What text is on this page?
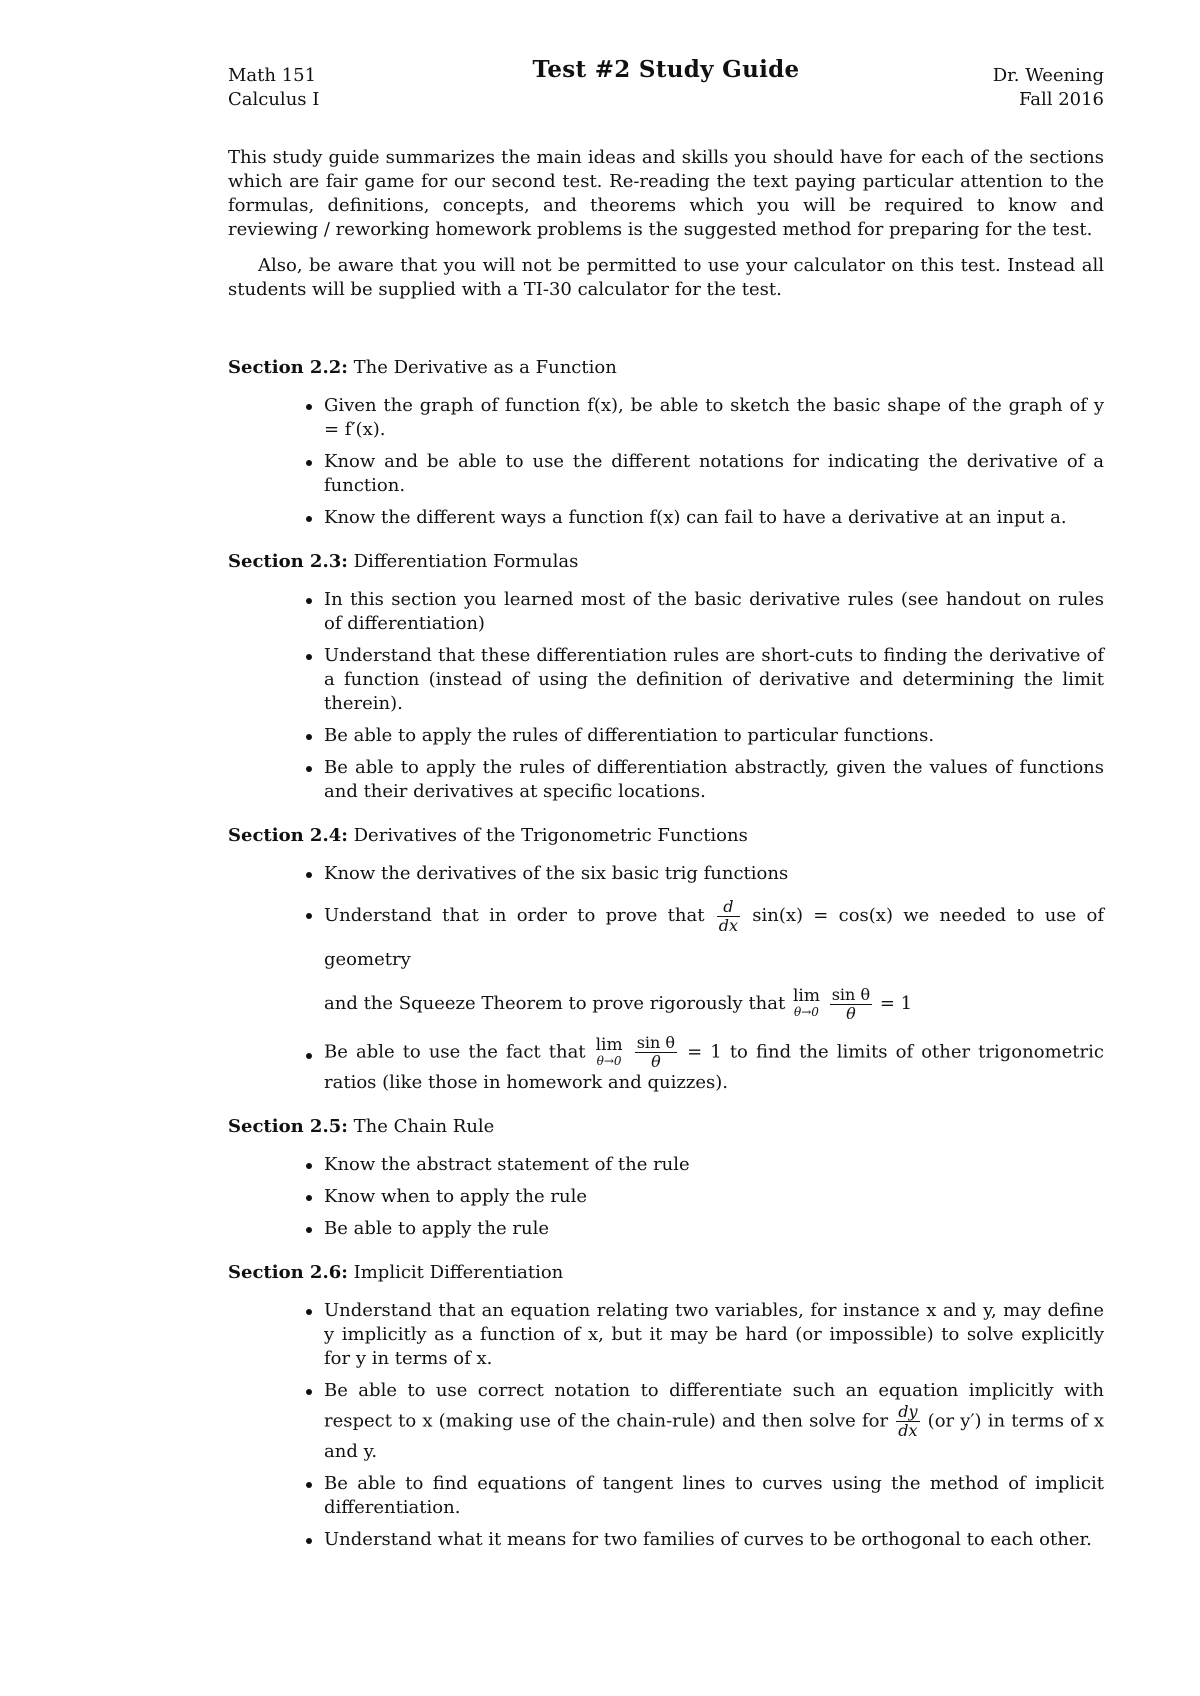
Math 151
Calculus I
Test #2 Study Guide	Dr. Weening
Fall 2016

This study guide summarizes the main ideas and skills you should have for each of the sections which are fair game for our second test. Re-reading the text paying particular attention to the formulas, definitions, concepts, and theorems which you will be required to know and reviewing / reworking homework problems is the suggested method for preparing for the test.

Also, be aware that you will not be permitted to use your calculator on this test. Instead all students will be supplied with a TI-30 calculator for the test.

Section 2.2: The Derivative as a Function

Given the graph of function f(x), be able to sketch the basic shape of the graph of y = f′(x).
Know and be able to use the different notations for indicating the derivative of a function.
Know the different ways a function f(x) can fail to have a derivative at an input a.

Section 2.3: Differentiation Formulas

In this section you learned most of the basic derivative rules (see handout on rules of differentiation)
Understand that these differentiation rules are short-cuts to finding the derivative of a function (instead of using the definition of derivative and determining the limit therein).
Be able to apply the rules of differentiation to particular functions.
Be able to apply the rules of differentiation abstractly, given the values of functions and their derivatives at specific locations.

Section 2.4: Derivatives of the Trigonometric Functions

Know the derivatives of the six basic trig functions
Understand that in order to prove that $\frac{d}{dx} \sin(x) = \cos(x)$ we needed to use of geometry
and the Squeeze Theorem to prove rigorously that lim
θ→0
$\frac{\text{sin θ}}{\theta} = 1$
Be able to use the fact that lim
θ→0
$\frac{\text{sin θ}}{\theta} = 1$ to find the limits of other trigonometric ratios (like those in homework and quizzes).

Section 2.5: The Chain Rule

Know the abstract statement of the rule
Know when to apply the rule
Be able to apply the rule

Section 2.6: Implicit Differentiation

Understand that an equation relating two variables, for instance x and y, may define y implicitly as a function of x, but it may be hard (or impossible) to solve explicitly for y in terms of x.
Be able to use correct notation to differentiate such an equation implicitly with respect to x (making use of the chain-rule) and then solve for $\frac{dy}{dx} (or$ y′) in terms of x and y.
Be able to find equations of tangent lines to curves using the method of implicit differentiation.
Understand what it means for two families of curves to be orthogonal to each other.
